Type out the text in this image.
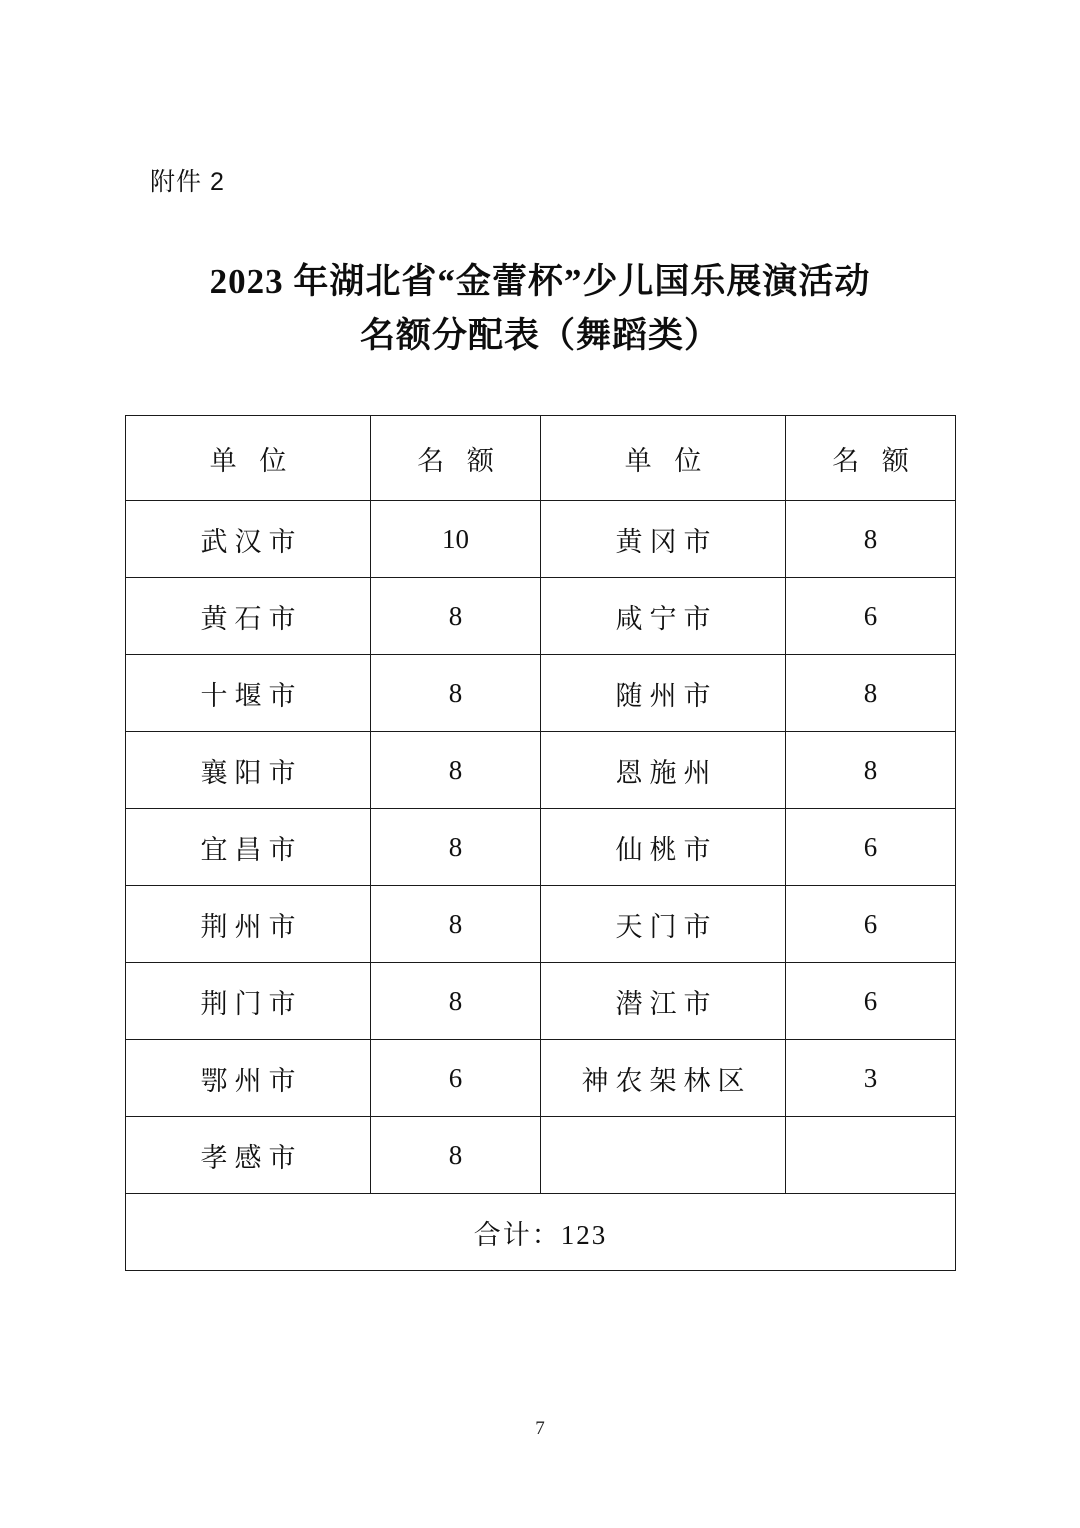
附件 2
2023 年湖北省“金蕾杯”少儿国乐展演活动
名额分配表（舞蹈类）
单 位	名 额	单 位	名 额
武汉市	10	黄冈市	8
黄石市	8	咸宁市	6
十堰市	8	随州市	8
襄阳市	8	恩施州	8
宜昌市	8	仙桃市	6
荆州市	8	天门市	6
荆门市	8	潜江市	6
鄂州市	6	神农架林区	3
孝感市	8		
合计：123			
7
